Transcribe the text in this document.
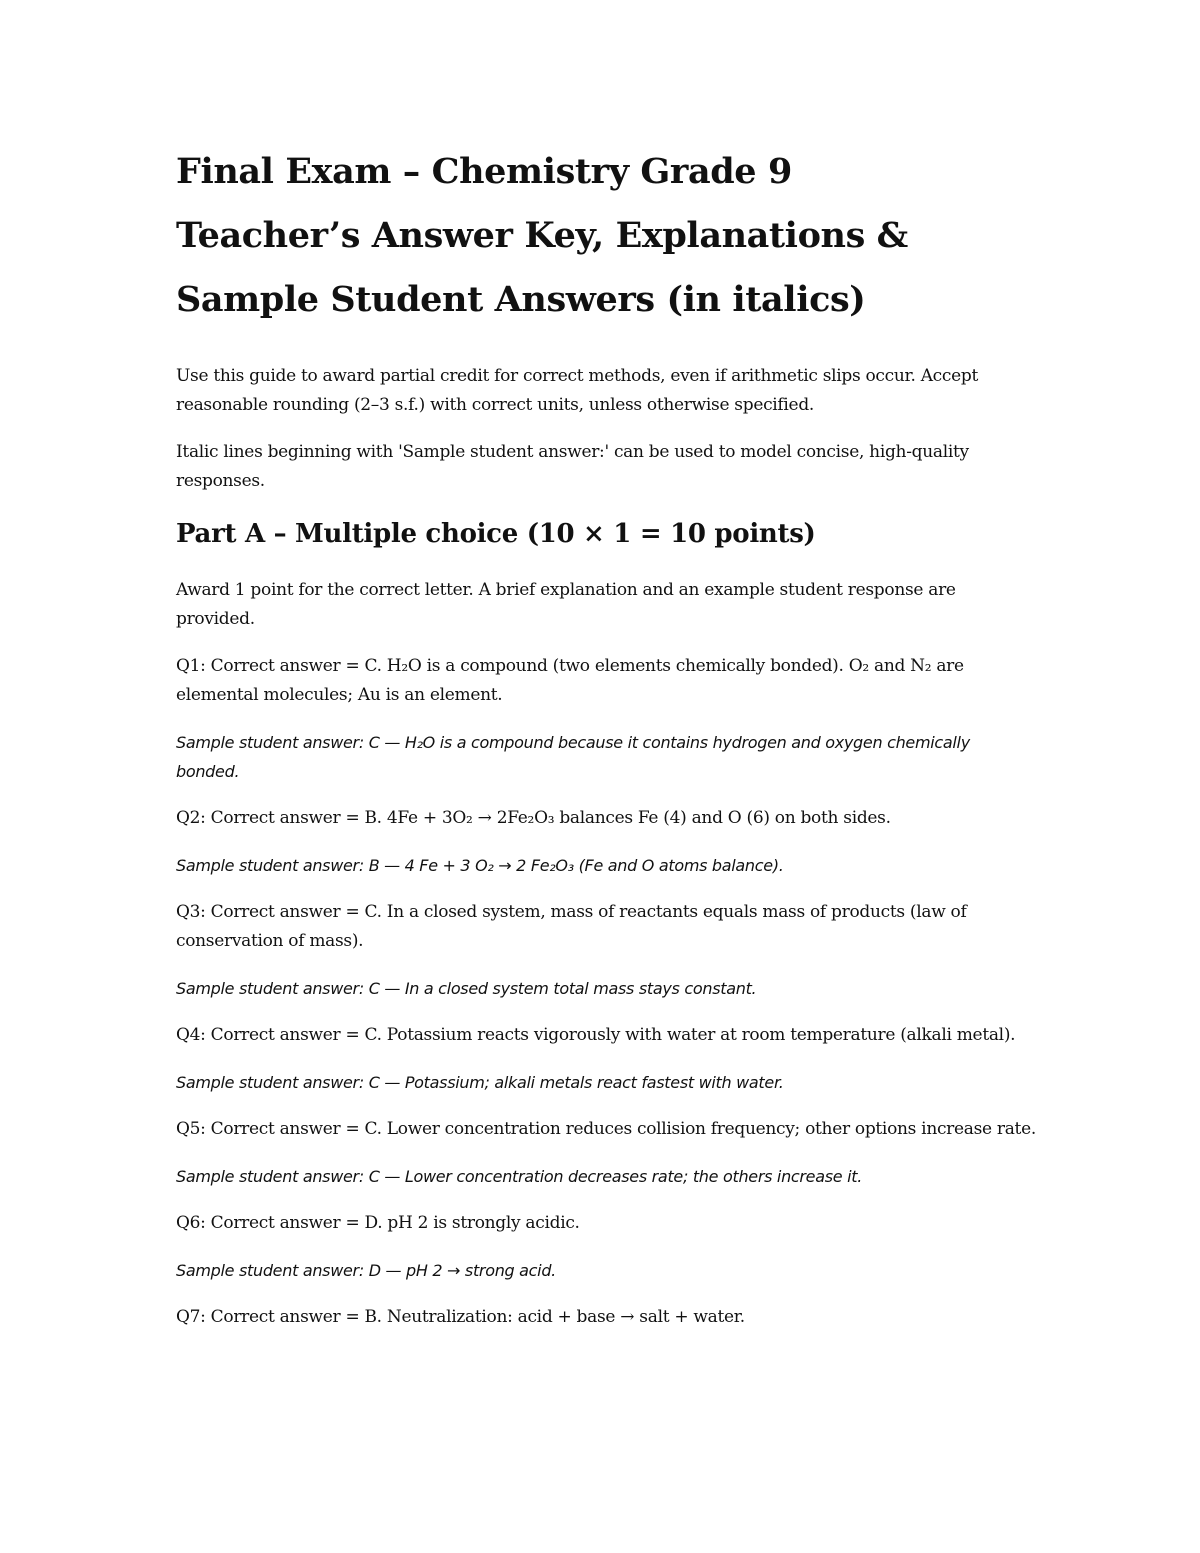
Final Exam – Chemistry Grade 9
Teacher’s Answer Key, Explanations &
Sample Student Answers (in italics)

Use this guide to award partial credit for correct methods, even if arithmetic slips occur. Accept reasonable rounding (2–3 s.f.) with correct units, unless otherwise specified.

Italic lines beginning with 'Sample student answer:' can be used to model concise, high-quality responses.

Part A – Multiple choice (10 × 1 = 10 points)

Award 1 point for the correct letter. A brief explanation and an example student response are provided.

Q1: Correct answer = C. H₂O is a compound (two elements chemically bonded). O₂ and N₂ are elemental molecules; Au is an element.

Sample student answer: C — H₂O is a compound because it contains hydrogen and oxygen chemically bonded.

Q2: Correct answer = B. 4Fe + 3O₂ → 2Fe₂O₃ balances Fe (4) and O (6) on both sides.

Sample student answer: B — 4 Fe + 3 O₂ → 2 Fe₂O₃ (Fe and O atoms balance).

Q3: Correct answer = C. In a closed system, mass of reactants equals mass of products (law of conservation of mass).

Sample student answer: C — In a closed system total mass stays constant.

Q4: Correct answer = C. Potassium reacts vigorously with water at room temperature (alkali metal).

Sample student answer: C — Potassium; alkali metals react fastest with water.

Q5: Correct answer = C. Lower concentration reduces collision frequency; other options increase rate.

Sample student answer: C — Lower concentration decreases rate; the others increase it.

Q6: Correct answer = D. pH 2 is strongly acidic.

Sample student answer: D — pH 2 → strong acid.

Q7: Correct answer = B. Neutralization: acid + base → salt + water.
